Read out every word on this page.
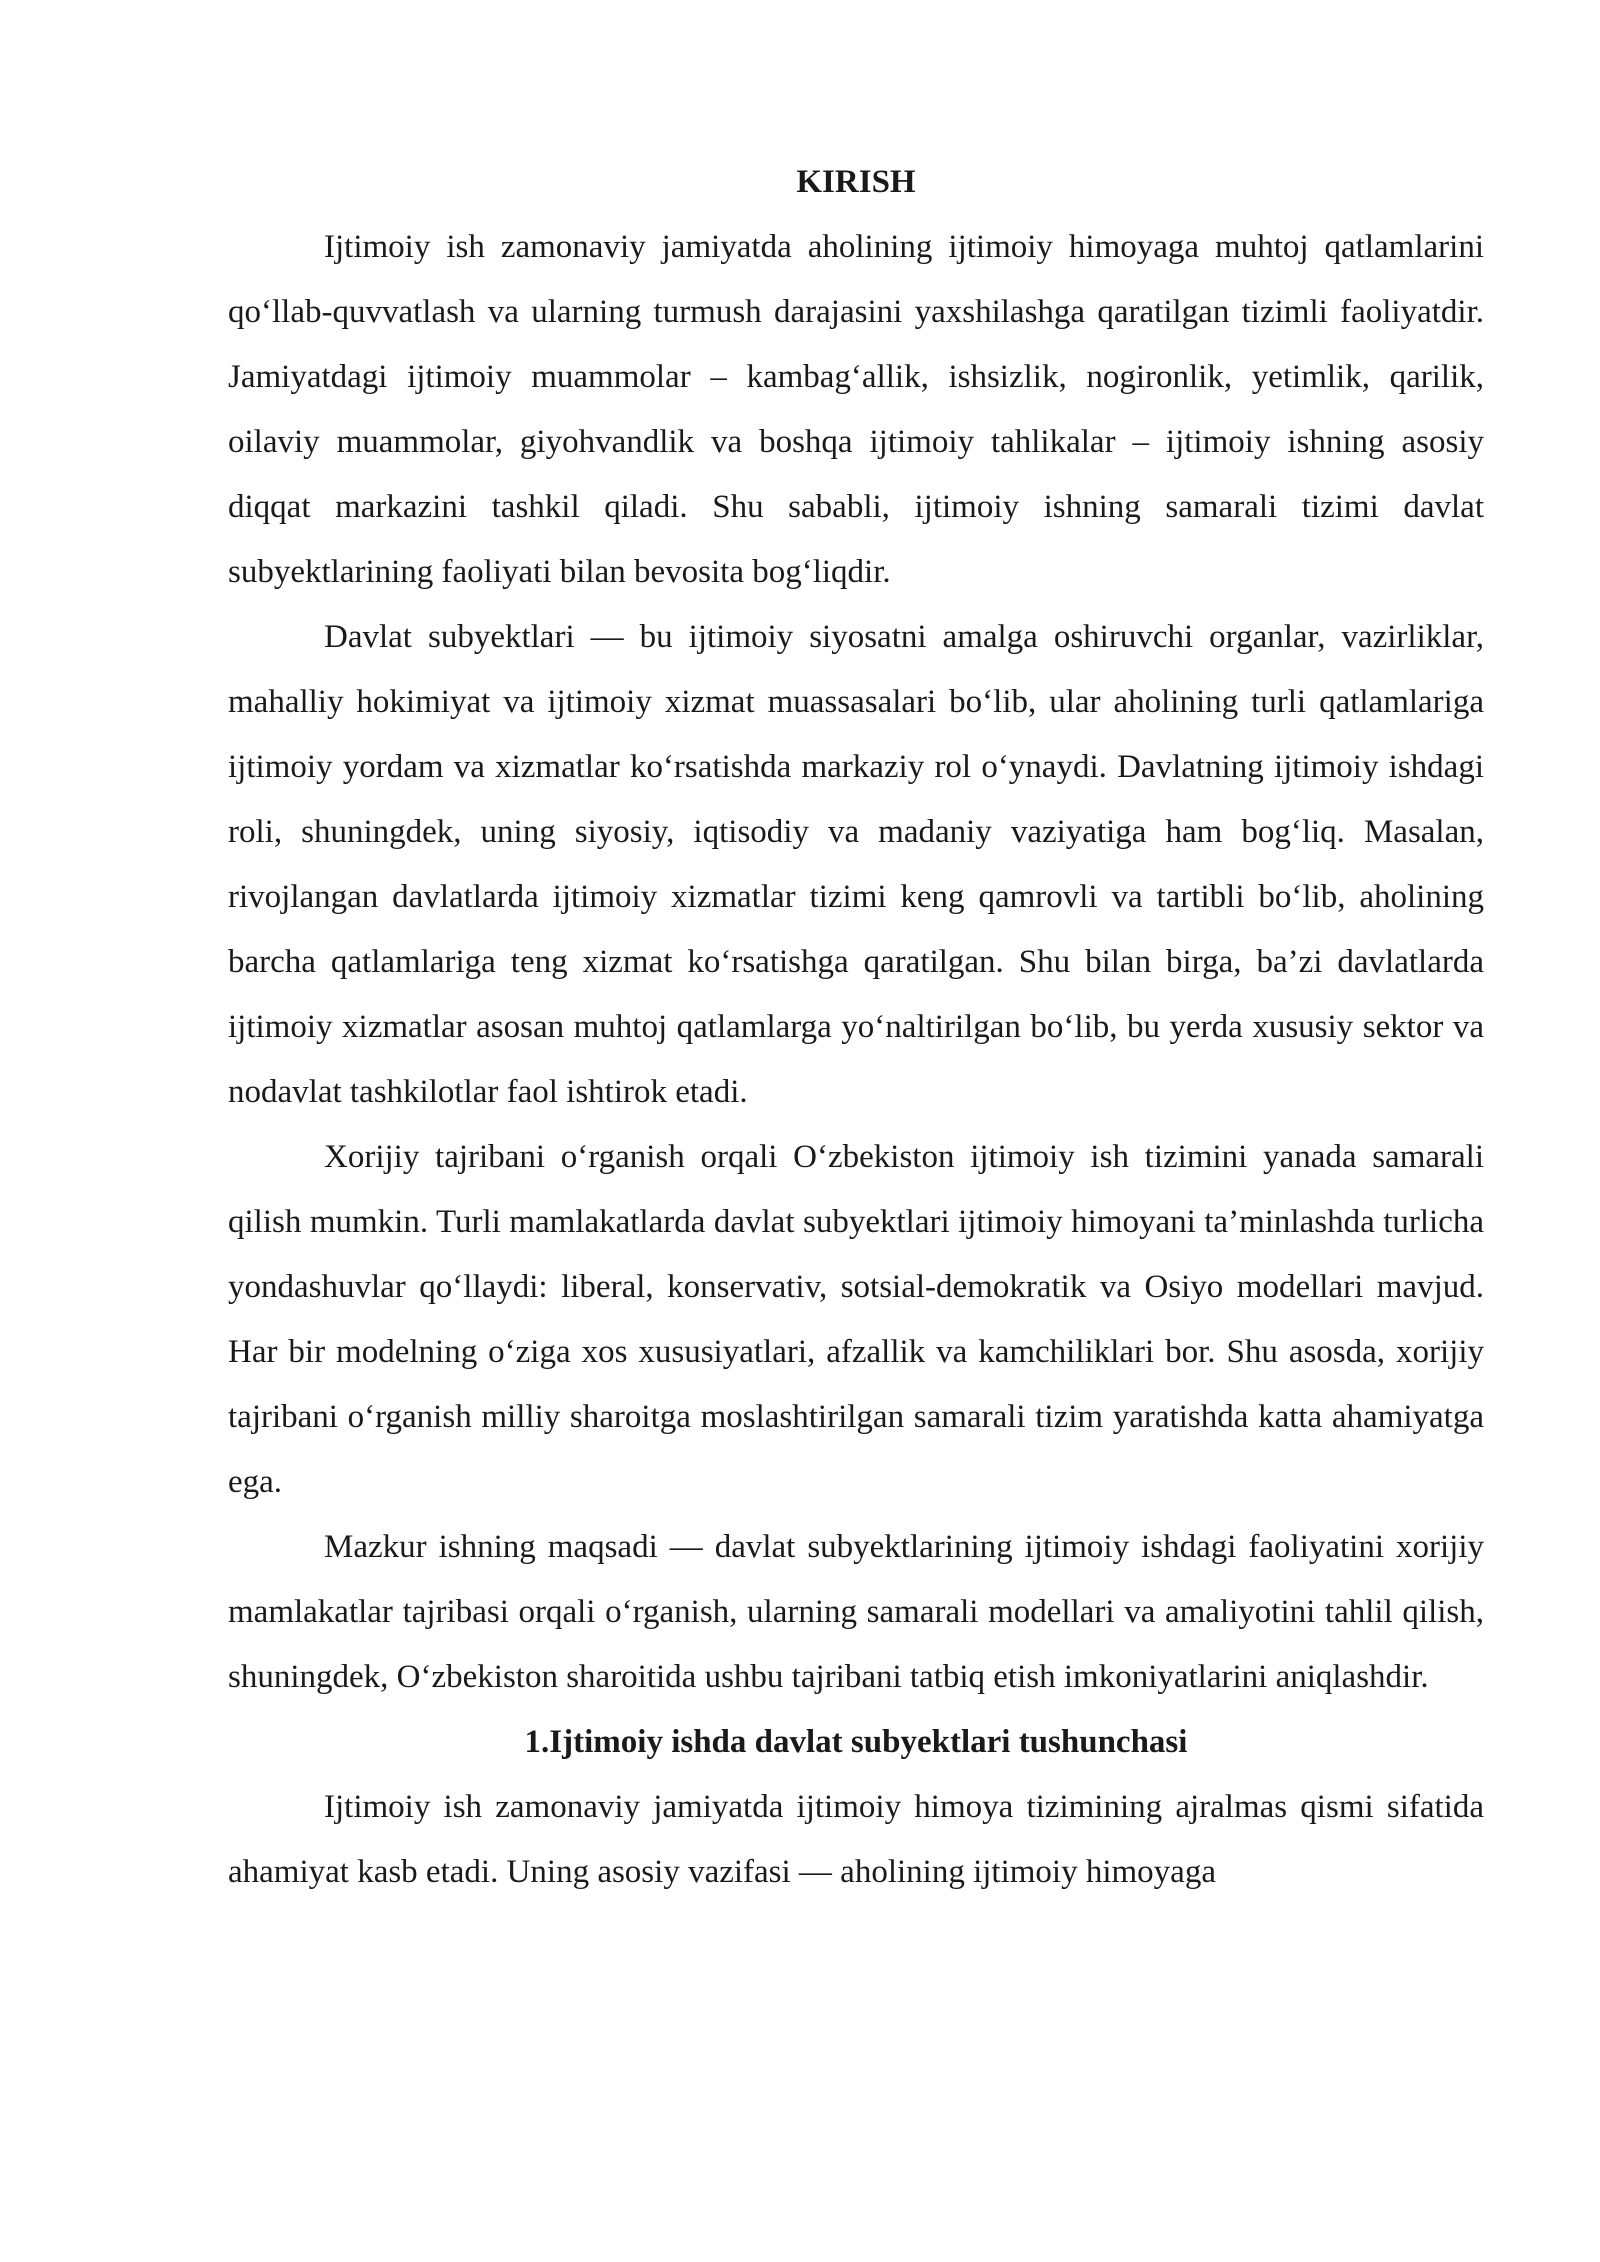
KIRISH

Ijtimoiy ish zamonaviy jamiyatda aholining ijtimoiy himoyaga muhtoj qatlamlarini qo‘llab-quvvatlash va ularning turmush darajasini yaxshilashga qaratilgan tizimli faoliyatdir. Jamiyatdagi ijtimoiy muammolar – kambag‘allik, ishsizlik, nogironlik, yetimlik, qarilik, oilaviy muammolar, giyohvandlik va boshqa ijtimoiy tahlikalar – ijtimoiy ishning asosiy diqqat markazini tashkil qiladi. Shu sababli, ijtimoiy ishning samarali tizimi davlat subyektlarining faoliyati bilan bevosita bog‘liqdir.

Davlat subyektlari — bu ijtimoiy siyosatni amalga oshiruvchi organlar, vazirliklar, mahalliy hokimiyat va ijtimoiy xizmat muassasalari bo‘lib, ular aholining turli qatlamlariga ijtimoiy yordam va xizmatlar ko‘rsatishda markaziy rol o‘ynaydi. Davlatning ijtimoiy ishdagi roli, shuningdek, uning siyosiy, iqtisodiy va madaniy vaziyatiga ham bog‘liq. Masalan, rivojlangan davlatlarda ijtimoiy xizmatlar tizimi keng qamrovli va tartibli bo‘lib, aholining barcha qatlamlariga teng xizmat ko‘rsatishga qaratilgan. Shu bilan birga, ba’zi davlatlarda ijtimoiy xizmatlar asosan muhtoj qatlamlarga yo‘naltirilgan bo‘lib, bu yerda xususiy sektor va nodavlat tashkilotlar faol ishtirok etadi.

Xorijiy tajribani o‘rganish orqali O‘zbekiston ijtimoiy ish tizimini yanada samarali qilish mumkin. Turli mamlakatlarda davlat subyektlari ijtimoiy himoyani ta’minlashda turlicha yondashuvlar qo‘llaydi: liberal, konservativ, sotsial-demokratik va Osiyo modellari mavjud. Har bir modelning o‘ziga xos xususiyatlari, afzallik va kamchiliklari bor. Shu asosda, xorijiy tajribani o‘rganish milliy sharoitga moslashtirilgan samarali tizim yaratishda katta ahamiyatga ega.

Mazkur ishning maqsadi — davlat subyektlarining ijtimoiy ishdagi faoliyatini xorijiy mamlakatlar tajribasi orqali o‘rganish, ularning samarali modellari va amaliyotini tahlil qilish, shuningdek, O‘zbekiston sharoitida ushbu tajribani tatbiq etish imkoniyatlarini aniqlashdir.

1.Ijtimoiy ishda davlat subyektlari tushunchasi

Ijtimoiy ish zamonaviy jamiyatda ijtimoiy himoya tizimining ajralmas qismi sifatida ahamiyat kasb etadi. Uning asosiy vazifasi — aholining ijtimoiy himoyaga
